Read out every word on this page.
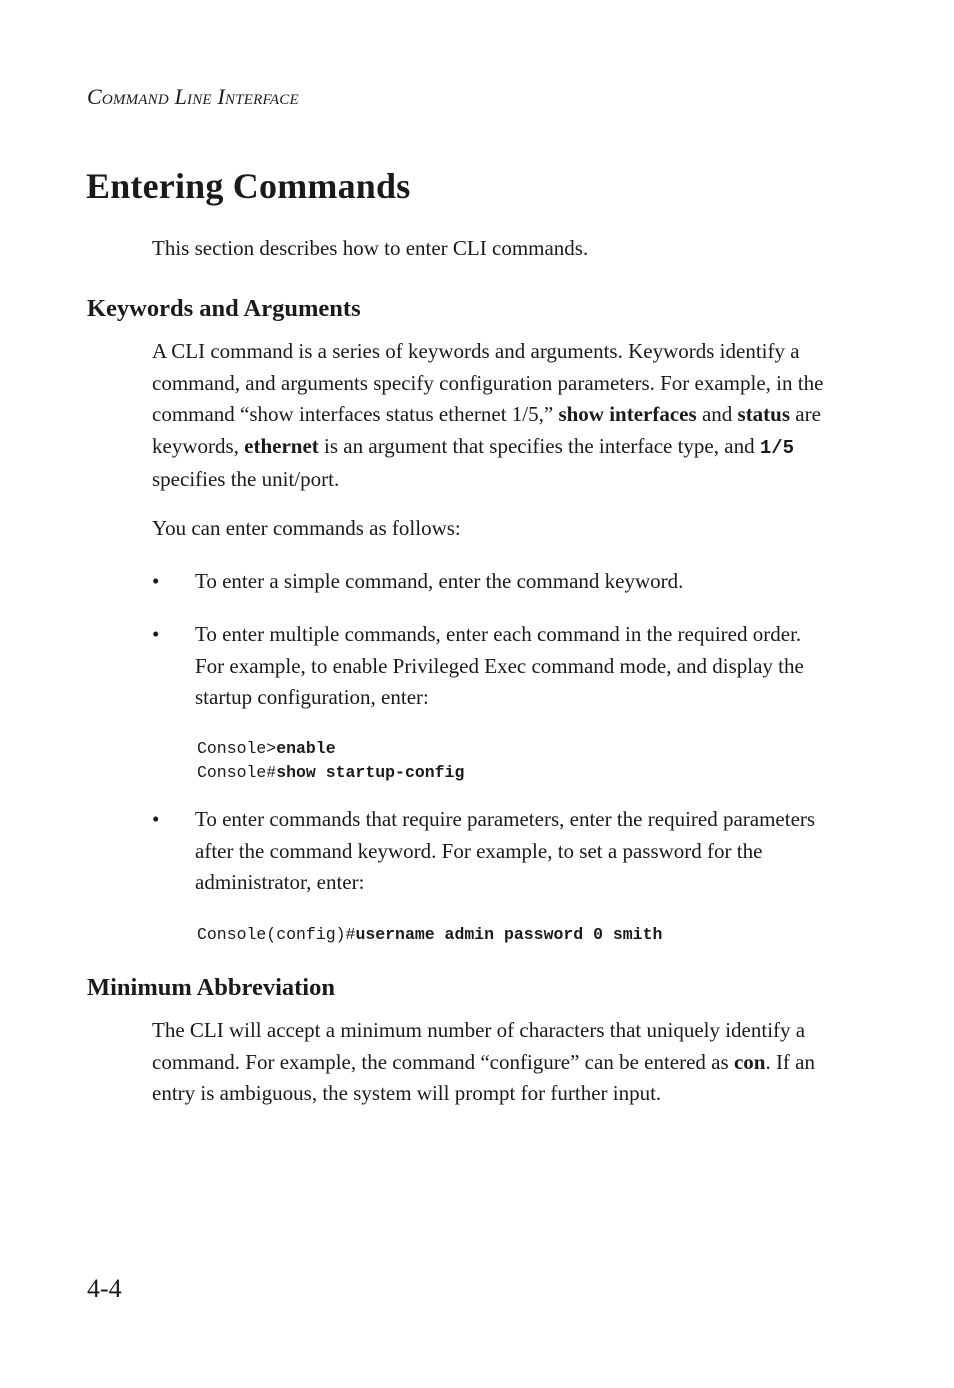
Command Line Interface
Entering Commands

This section describes how to enter CLI commands.

Keywords and Arguments

A CLI command is a series of keywords and arguments. Keywords identify a command, and arguments specify configuration parameters. For example, in the command “show interfaces status ethernet 1/5,” show interfaces and status are keywords, ethernet is an argument that specifies the interface type, and 1/5 specifies the unit/port.

You can enter commands as follows:

• To enter a simple command, enter the command keyword.
• To enter multiple commands, enter each command in the required order. For example, to enable Privileged Exec command mode, and display the startup configuration, enter:
Console>enable
Console#show startup-config
• To enter commands that require parameters, enter the required parameters after the command keyword. For example, to set a password for the administrator, enter:
Console(config)#username admin password 0 smith
Minimum Abbreviation

The CLI will accept a minimum number of characters that uniquely identify a command. For example, the command “configure” can be entered as con. If an entry is ambiguous, the system will prompt for further input.

4-4
